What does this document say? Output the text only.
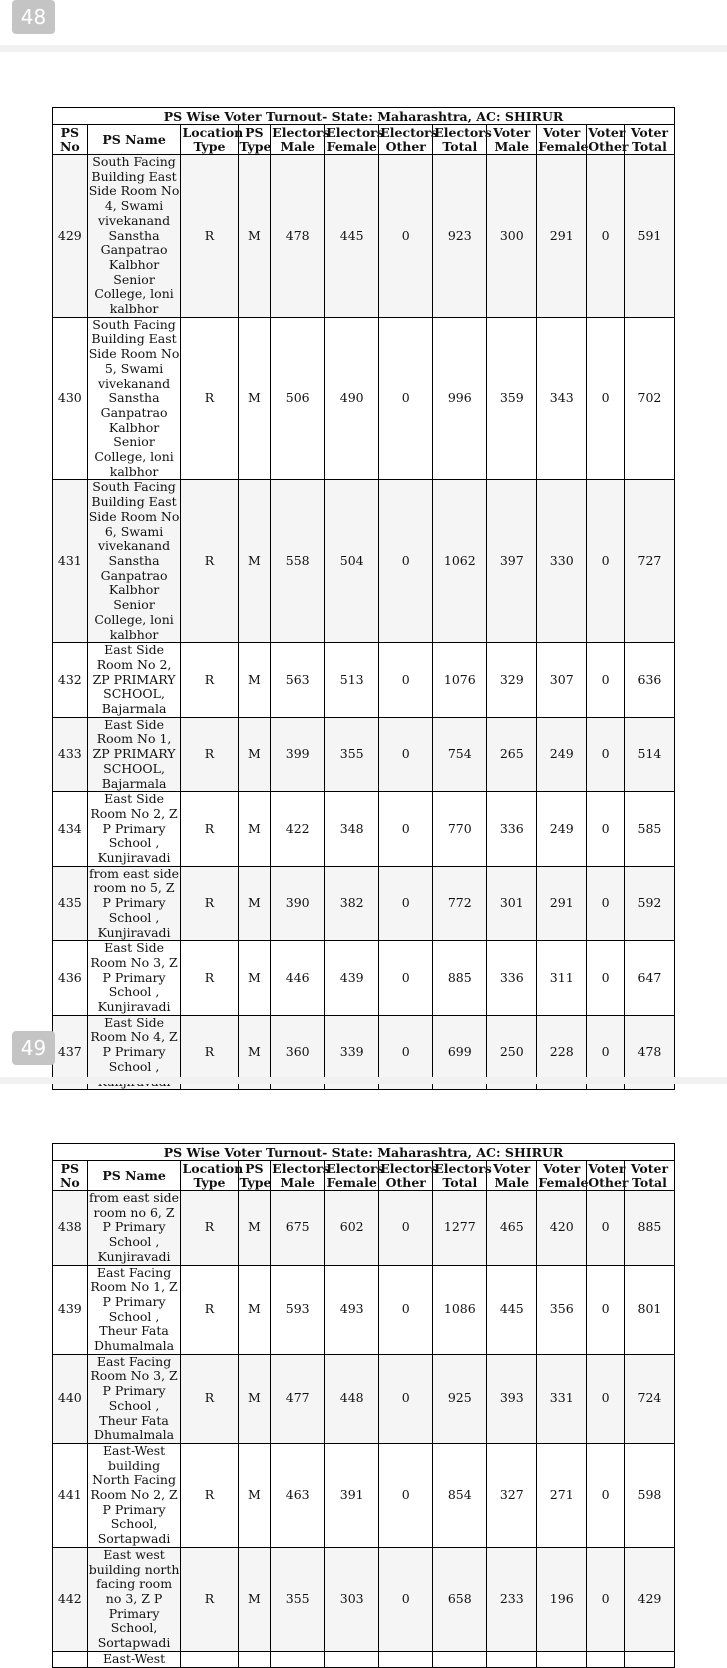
48
PS Wise Voter Turnout- State: Maharashtra, AC: SHIRUR											
PS No	PS Name	Location Type	PS Type	Electors Male	Electors Female	Electors Other	Electors Total	Voter Male	Voter Female	Voter Other	Voter Total
429	South Facing Building East Side Room No 4, Swami vivekanand Sanstha Ganpatrao Kalbhor Senior College, loni kalbhor	R	M	478	445	0	923	300	291	0	591
430	South Facing Building East Side Room No 5, Swami vivekanand Sanstha Ganpatrao Kalbhor Senior College, loni kalbhor	R	M	506	490	0	996	359	343	0	702
431	South Facing Building East Side Room No 6, Swami vivekanand Sanstha Ganpatrao Kalbhor Senior College, loni kalbhor	R	M	558	504	0	1062	397	330	0	727
432	East Side Room No 2, ZP PRIMARY SCHOOL, Bajarmala	R	M	563	513	0	1076	329	307	0	636
433	East Side Room No 1, ZP PRIMARY SCHOOL, Bajarmala	R	M	399	355	0	754	265	249	0	514
434	East Side Room No 2, Z P Primary School , Kunjiravadi	R	M	422	348	0	770	336	249	0	585
435	from east side room no 5, Z P Primary School , Kunjiravadi	R	M	390	382	0	772	301	291	0	592
436	East Side Room No 3, Z P Primary School , Kunjiravadi	R	M	446	439	0	885	336	311	0	647
437	East Side Room No 4, Z P Primary School ,	R	M	360	339	0	699	250	228	0	478
49
PS Wise Voter Turnout- State: Maharashtra, AC: SHIRUR											
PS No	PS Name	Location Type	PS Type	Electors Male	Electors Female	Electors Other	Electors Total	Voter Male	Voter Female	Voter Other	Voter Total
438	from east side room no 6, Z P Primary School , Kunjiravadi	R	M	675	602	0	1277	465	420	0	885
439	East Facing Room No 1, Z P Primary School , Theur Fata Dhumalmala	R	M	593	493	0	1086	445	356	0	801
440	East Facing Room No 3, Z P Primary School , Theur Fata Dhumalmala	R	M	477	448	0	925	393	331	0	724
441	East-West building North Facing Room No 2, Z P Primary School, Sortapwadi	R	M	463	391	0	854	327	271	0	598
442	East west building north facing room no 3, Z P Primary School, Sortapwadi	R	M	355	303	0	658	233	196	0	429
	East-West										
